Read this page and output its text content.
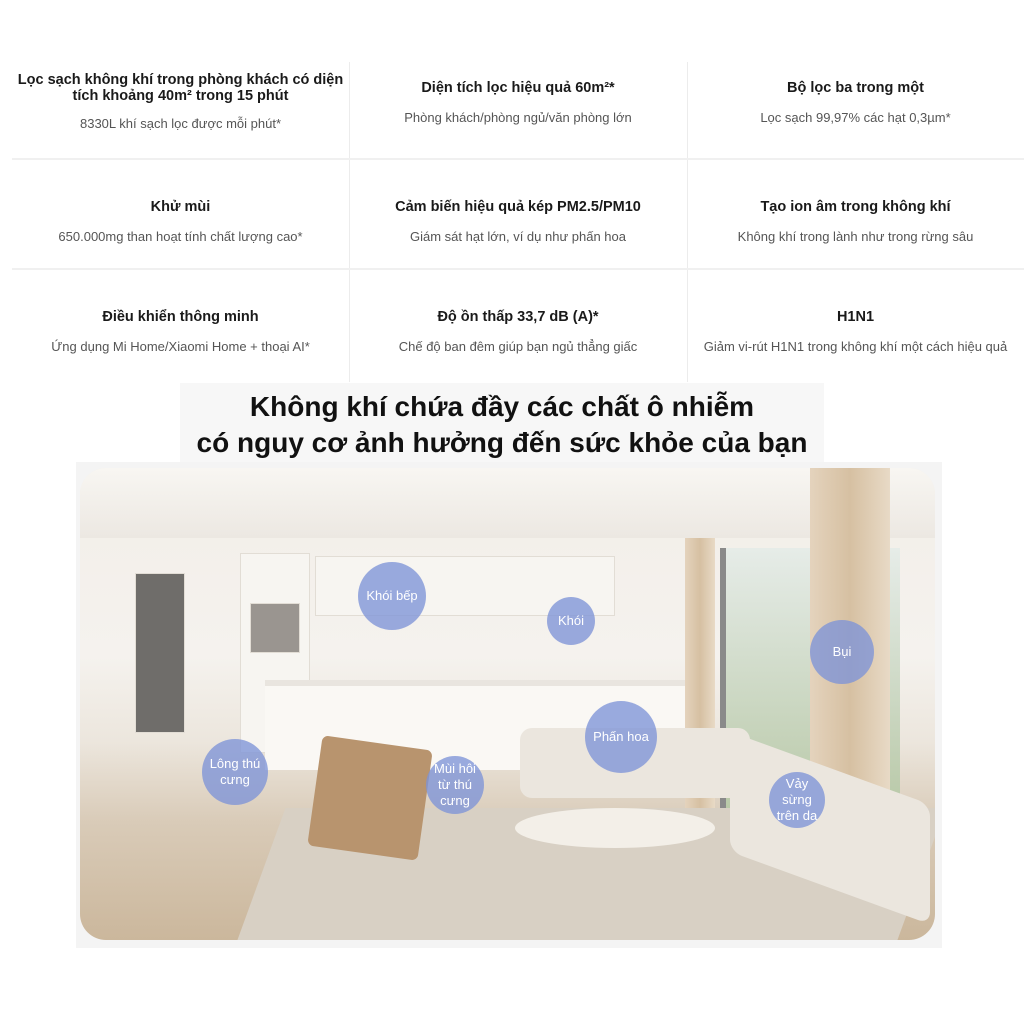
Lọc sạch không khí trong phòng khách có diện tích khoảng 40m² trong 15 phút

8330L khí sạch lọc được mỗi phút*

Diện tích lọc hiệu quả 60m²*

Phòng khách/phòng ngủ/văn phòng lớn

Bộ lọc ba trong một

Lọc sạch 99,97% các hạt 0,3µm*

Khử mùi

650.000mg than hoạt tính chất lượng cao*

Cảm biến hiệu quả kép PM2.5/PM10

Giám sát hạt lớn, ví dụ như phấn hoa

Tạo ion âm trong không khí

Không khí trong lành như trong rừng sâu

Điều khiển thông minh

Ứng dụng Mi Home/Xiaomi Home + thoại AI*

Độ ồn thấp 33,7 dB (A)*

Chế độ ban đêm giúp bạn ngủ thẳng giấc

H1N1

Giảm vi-rút H1N1 trong không khí một cách hiệu quả

Không khí chứa đầy các chất ô nhiễm
có nguy cơ ảnh hưởng đến sức khỏe của bạn
Khói bếp
Khói
Bụi
Phấn hoa
Lông thú cưng
Mùi hôi từ thú cưng
Vảy sừng trên da
